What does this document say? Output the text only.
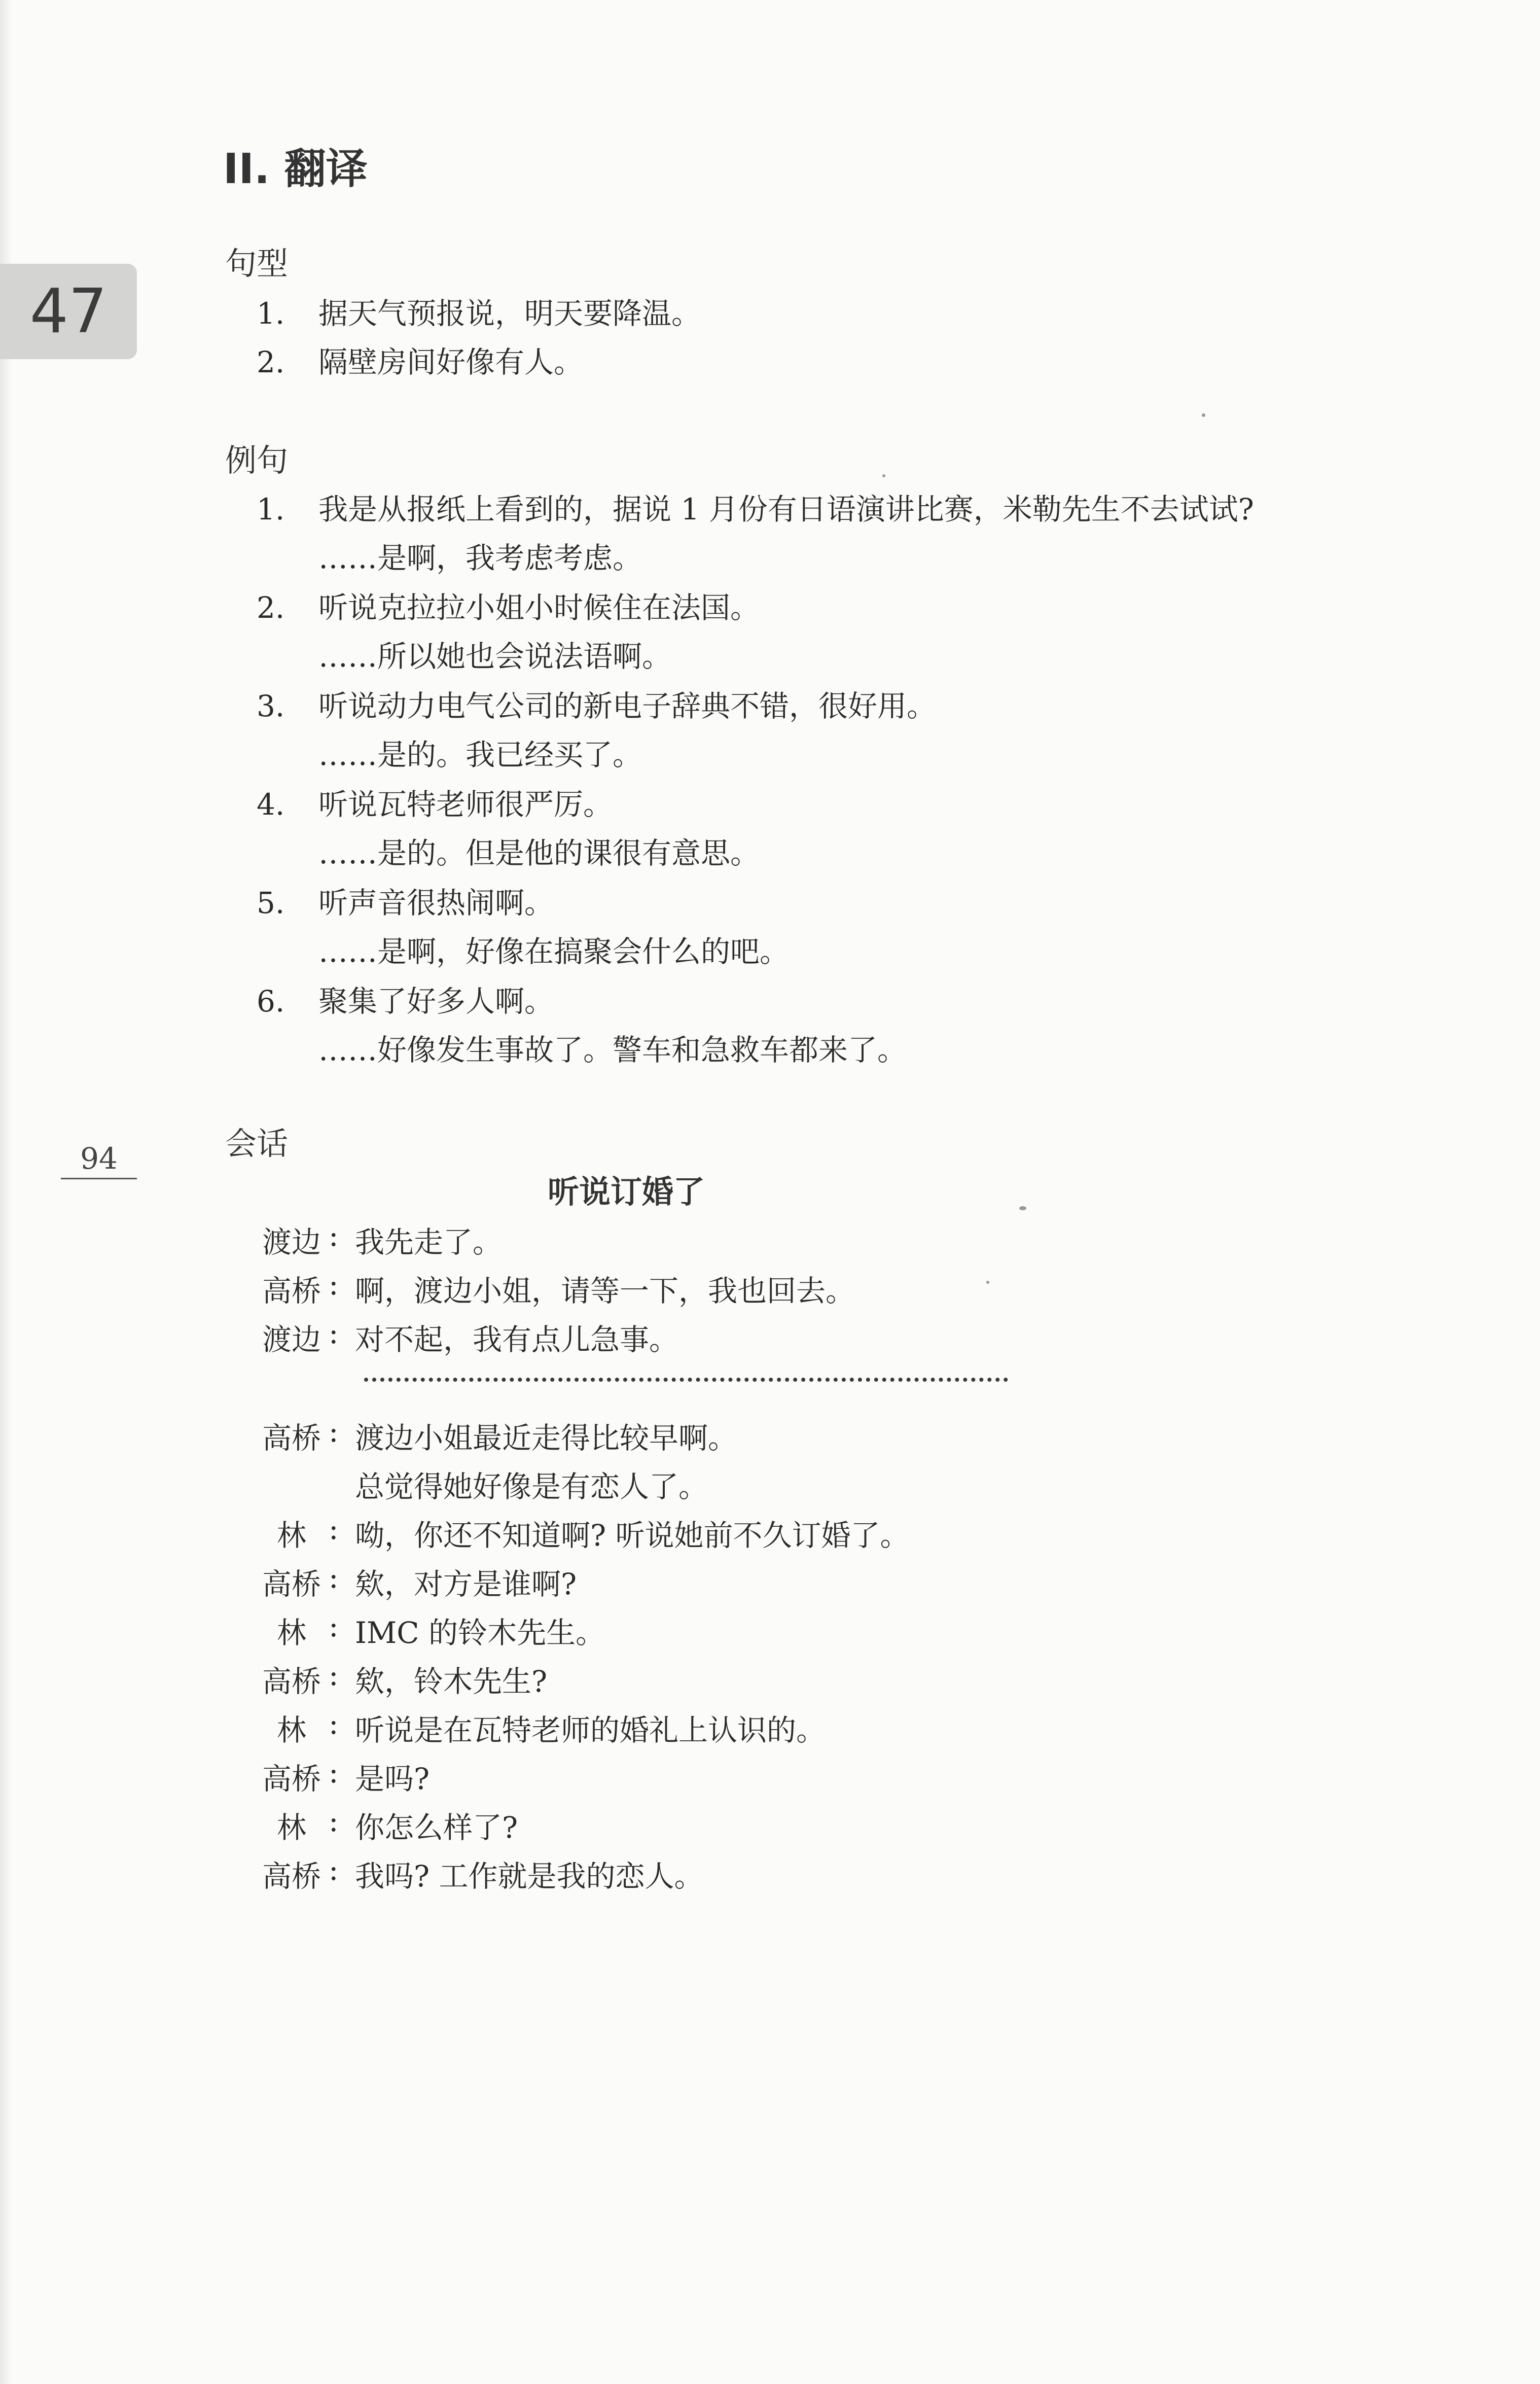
47
94
II. 翻译
句型
1. 据天气预报说，明天要降温。
2. 隔壁房间好像有人。
例句
1. 我是从报纸上看到的，据说 1 月份有日语演讲比赛，米勒先生不去试试?
……是啊，我考虑考虑。
2. 听说克拉拉小姐小时候住在法国。
……所以她也会说法语啊。
3. 听说动力电气公司的新电子辞典不错，很好用。
……是的。我已经买了。
4. 听说瓦特老师很严厉。
……是的。但是他的课很有意思。
5. 听声音很热闹啊。
……是啊，好像在搞聚会什么的吧。
6. 聚集了好多人啊。
……好像发生事故了。警车和急救车都来了。
会话
听说订婚了
渡边 : 我先走了。
高桥 : 啊，渡边小姐，请等一下，我也回去。
渡边 : 对不起，我有点儿急事。
高桥 : 渡边小姐最近走得比较早啊。
总觉得她好像是有恋人了。
林 : 呦，你还不知道啊? 听说她前不久订婚了。
高桥 : 欸，对方是谁啊?
林 : IMC 的铃木先生。
高桥 : 欸，铃木先生?
林 : 听说是在瓦特老师的婚礼上认识的。
高桥 : 是吗?
林 : 你怎么样了?
高桥 : 我吗? 工作就是我的恋人。
